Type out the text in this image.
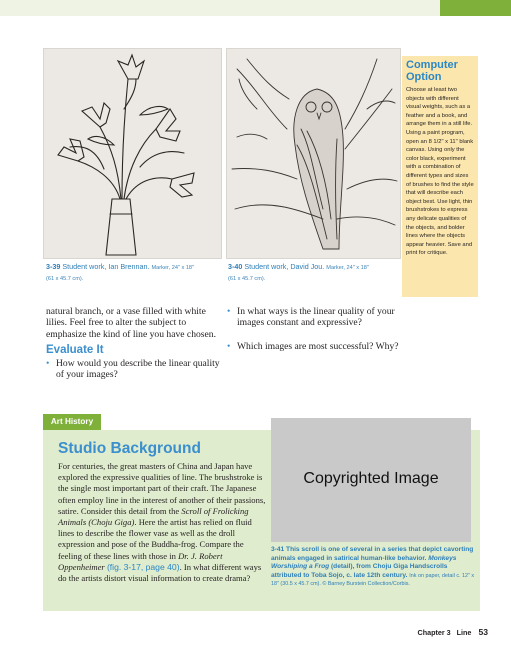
3-39 Student work, Ian Brennan. Marker, 24" x 18"
(61 x 45.7 cm).
3-40 Student work, David Jou. Marker, 24" x 18"
(61 x 45.7 cm).
Computer
Option
Choose at least two objects with different visual weights, such as a feather and a book, and arrange them in a still life. Using a paint program, open an 8 1/2" x 11" blank canvas. Using only the color black, experiment with a combination of different types and sizes of brushes to find the style that will describe each object best. Use light, thin brushstrokes to express any delicate qualities of the objects, and bolder lines where the objects appear heavier. Save and print for critique.
natural branch, or a vase filled with white lilies. Feel free to alter the subject to emphasize the kind of line you have chosen.
Evaluate It
• How would you describe the linear quality of your images?
• In what ways is the linear quality of your images constant and expressive?
• Which images are most successful? Why?
Art History
Studio Background
For centuries, the great masters of China and Japan have explored the expressive qualities of line. The brushstroke is the single most important part of their craft. The Japanese often employ line in the interest of another of their passions, satire. Consider this detail from the Scroll of Frolicking Animals (Choju Giga). Here the artist has relied on fluid lines to describe the flower vase as well as the droll expression and pose of the Buddha-frog. Compare the feeling of these lines with those in Dr. J. Robert Oppenheimer (fig. 3-17, page 40). In what different ways do the artists distort visual information to create drama?
Copyrighted Image
3-41 This scroll is one of several in a series that depict cavorting animals engaged in satirical human-like behavior. Monkeys Worshiping a Frog (detail), from Choju Giga Handscrolls attributed to Toba Sojo, c. late 12th century. Ink on paper, detail c. 12" x 18" (30.5 x 45.7 cm). © Barney Burstein Collection/Corbis.
Chapter 3 Line 53
